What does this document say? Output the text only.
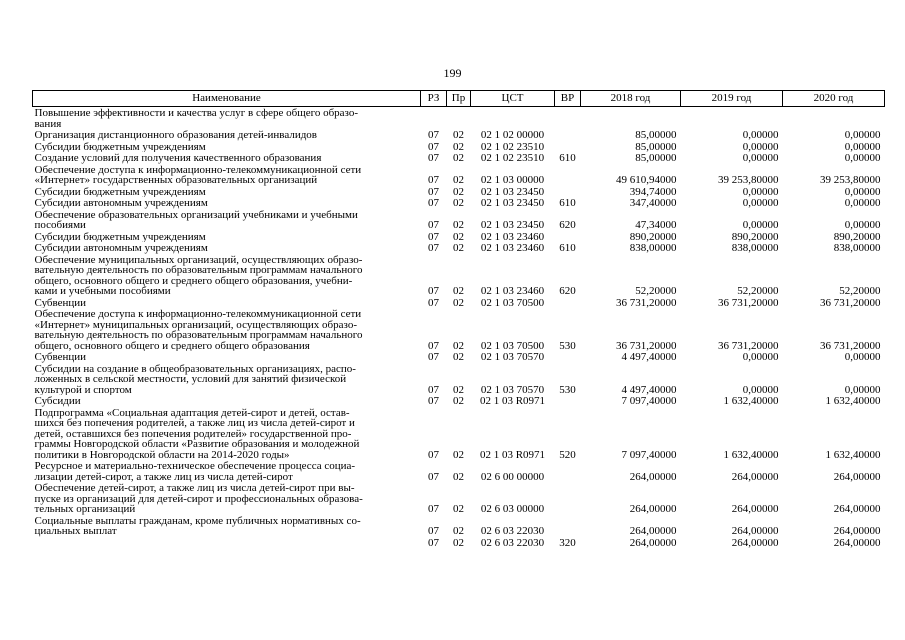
199
Наименование	РЗ	Пр	ЦСТ	ВР	2018 год	2019 год	2020 год
Повышение эффективности и качества услуг в сфере общего образо-
вания							
Организация дистанционного образования детей-инвалидов	07	02	02 1 02 00000		85,00000	0,00000	0,00000
Субсидии бюджетным учреждениям	07	02	02 1 02 23510		85,00000	0,00000	0,00000
Создание условий для получения качественного образования	07	02	02 1 02 23510	610	85,00000	0,00000	0,00000
Обеспечение доступа к информационно-телекоммуникационной сети
«Интернет» государственных образовательных организаций	07	02	02 1 03 00000		49 610,94000	39 253,80000	39 253,80000
Субсидии бюджетным учреждениям	07	02	02 1 03 23450		394,74000	0,00000	0,00000
Субсидии автономным учреждениям	07	02	02 1 03 23450	610	347,40000	0,00000	0,00000
Обеспечение образовательных организаций учебниками и учебными
пособиями	07	02	02 1 03 23450	620	47,34000	0,00000	0,00000
Субсидии бюджетным учреждениям	07	02	02 1 03 23460		890,20000	890,20000	890,20000
Субсидии автономным учреждениям	07	02	02 1 03 23460	610	838,00000	838,00000	838,00000
Обеспечение муниципальных организаций, осуществляющих образо-
вательную деятельность по образовательным программам начального
общего, основного общего и среднего общего образования, учебни-
ками и учебными пособиями	07	02	02 1 03 23460	620	52,20000	52,20000	52,20000
Субвенции	07	02	02 1 03 70500		36 731,20000	36 731,20000	36 731,20000
Обеспечение доступа к информационно-телекоммуникационной сети
«Интернет» муниципальных организаций, осуществляющих образо-
вательную деятельность по образовательным программам начального
общего, основного общего и среднего общего образования	07	02	02 1 03 70500	530	36 731,20000	36 731,20000	36 731,20000
Субвенции	07	02	02 1 03 70570		4 497,40000	0,00000	0,00000
Субсидии на создание в общеобразовательных организациях, распо-
ложенных в сельской местности, условий для занятий физической
культурой и спортом	07	02	02 1 03 70570	530	4 497,40000	0,00000	0,00000
Субсидии	07	02	02 1 03 R0971		7 097,40000	1 632,40000	1 632,40000
Подпрограмма «Социальная адаптация детей-сирот и детей, остав-
шихся без попечения родителей, а также лиц из числа детей-сирот и
детей, оставшихся без попечения родителей» государственной про-
граммы Новгородской области «Развитие образования и молодежной
политики в Новгородской области на 2014-2020 годы»	07	02	02 1 03 R0971	520	7 097,40000	1 632,40000	1 632,40000
Ресурсное и материально-техническое обеспечение процесса социа-
лизации детей-сирот, а также лиц из числа детей-сирот	07	02	02 6 00 00000		264,00000	264,00000	264,00000
Обеспечение детей-сирот, а также лиц из числа детей-сирот при вы-
пуске из организаций для детей-сирот и профессиональных образова-
тельных организаций	07	02	02 6 03 00000		264,00000	264,00000	264,00000
Социальные выплаты гражданам, кроме публичных нормативных со-
циальных выплат	07	02	02 6 03 22030		264,00000	264,00000	264,00000
	07	02	02 6 03 22030	320	264,00000	264,00000	264,00000
